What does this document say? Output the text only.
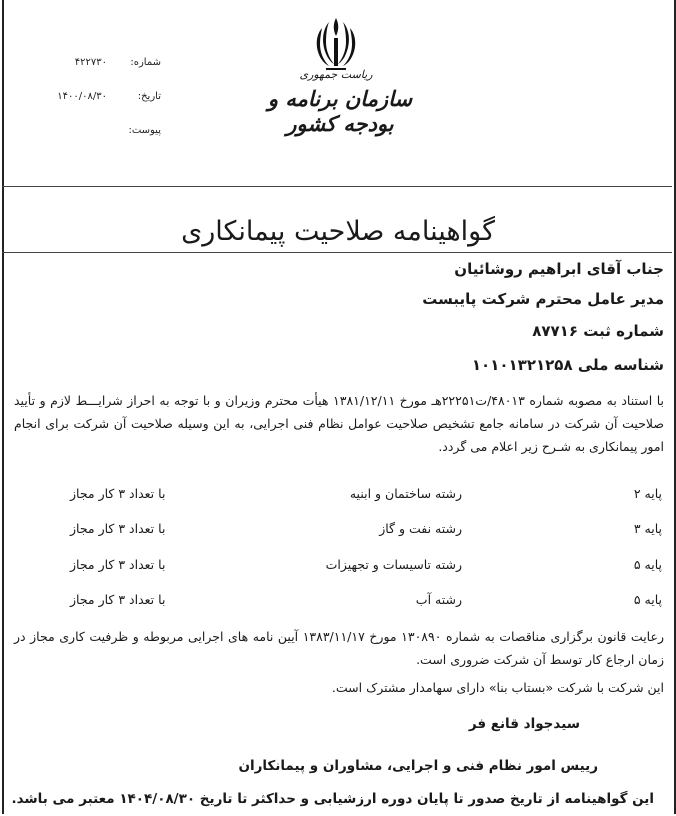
شماره:
۴۲۲۷۳۰
تاریخ:
۱۴۰۰/۰۸/۳۰
پیوست:
ریاست جمهوری
سازمان برنامه و بودجه کشور
گواهینامه صلاحیت پیمانکاری
جناب آقای ابراهیم روشائیان
مدیر عامل محترم شرکت پایبست
شماره ثبت ۸۷۷۱۶
شناسه ملی ۱۰۱۰۱۳۲۱۲۵۸
با استناد به مصوبه شماره ۴۸۰۱۳/ت۲۲۲۵۱هـ مورخ ۱۳۸۱/۱۲/۱۱ هیأت محترم وزیران و با توجه به احراز شرایـــط لازم و تأیید صلاحیت آن شرکت در سامانه جامع تشخیص صلاحیت عوامل نظام فنی اجرایی، به این وسیله صلاحیت آن شرکت برای انجام امور پیمانکاری به شـرح زیر اعلام می گردد.
پایه ۲
رشته ساختمان و ابنیه
با تعداد ۳ کار مجاز
پایه ۳
رشته نفت و گاز
با تعداد ۳ کار مجاز
پایه ۵
رشته تاسیسات و تجهیزات
با تعداد ۳ کار مجاز
پایه ۵
رشته آب
با تعداد ۳ کار مجاز
رعایت قانون برگزاری مناقصات به شماره ۱۳۰۸۹۰ مورخ ۱۳۸۳/۱۱/۱۷ آیین نامه های اجرایی مربوطه و ظرفیت کاری مجاز در زمان ارجاع کار توسط آن شرکت ضروری است.
این شرکت با شرکت «بستاب بنا» دارای سهامدار مشترک است.
سیدجواد قانع فر
رییس امور نظام فنی و اجرایی، مشاوران و پیمانکاران
این گواهینامه از تاریخ صدور تا پایان دوره ارزشیابی و حداکثر تا تاریخ ۱۴۰۴/۰۸/۳۰ معتبر می باشد.
